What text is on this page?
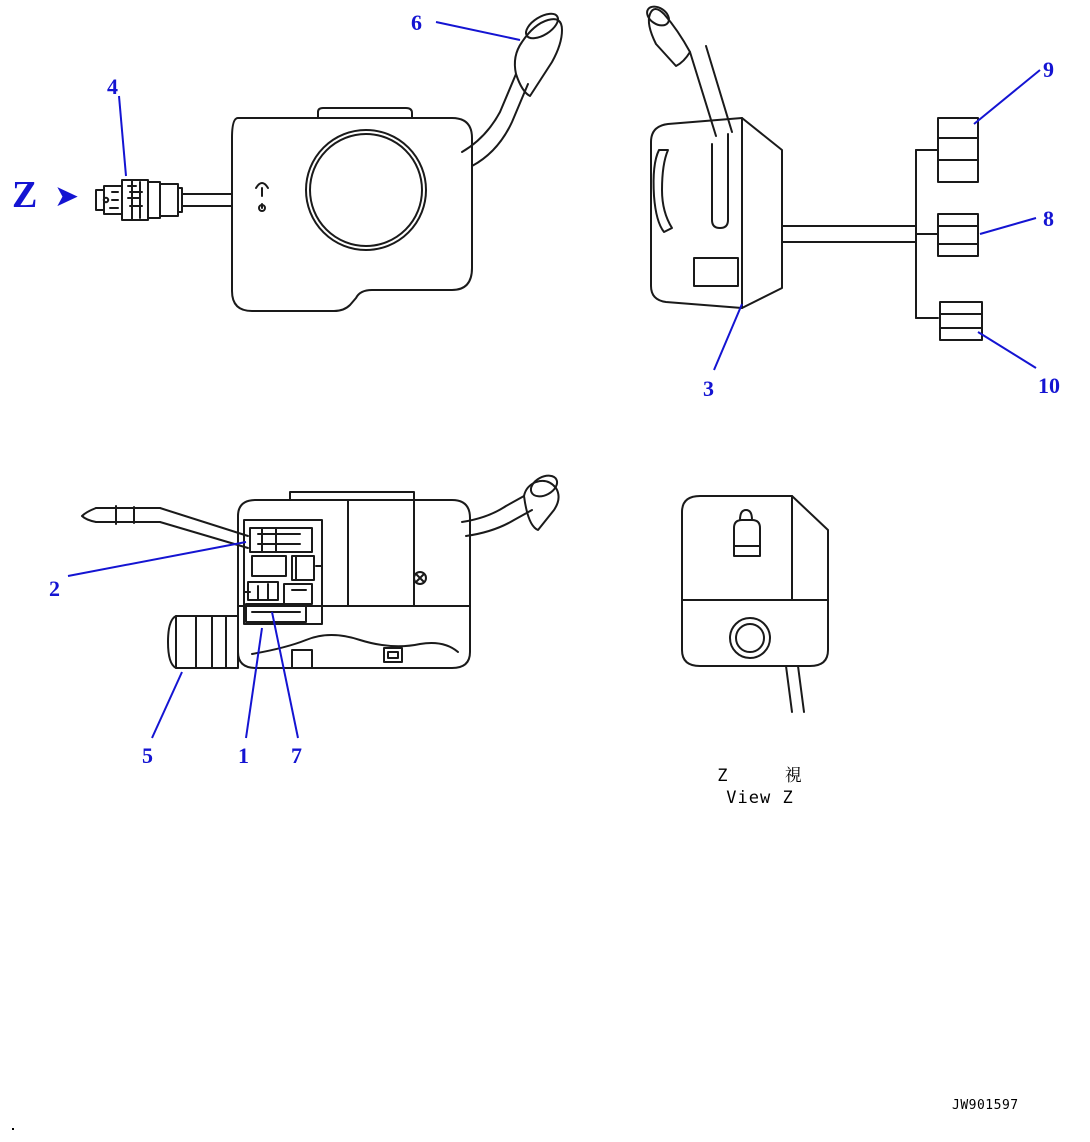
Z ➤
4
6
3
9
8
10
2
5	1 7
Z     視
View Z
JW901597
